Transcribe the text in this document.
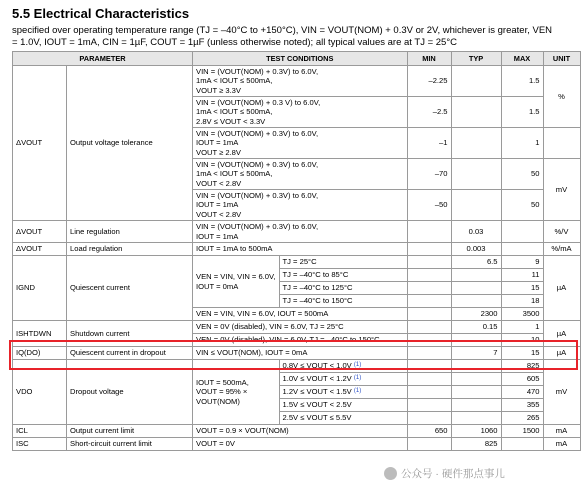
5.5 Electrical Characteristics
specified over operating temperature range (TJ = –40°C to +150°C), VIN = VOUT(NOM) + 0.3V or 2V, whichever is greater, VEN
= 1.0V, IOUT = 1mA, CIN = 1µF, COUT = 1µF (unless otherwise noted); all typical values are at TJ = 25°C
PARAMETER		TEST CONDITIONS		MIN	TYP	MAX	UNIT
ΔVOUT	Output voltage tolerance	VIN = (VOUT(NOM) + 0.3V) to 6.0V,
1mA < IOUT ≤ 500mA,
VOUT ≥ 3.3V		–2.25		1.5	%

		VIN = (VOUT(NOM) + 0.3 V) to 6.0V,
1mA < IOUT ≤ 500mA,
2.8V ≤ VOUT < 3.3V		–2.5		1.5	

		VIN = (VOUT(NOM) + 0.3V) to 6.0V,
IOUT = 1mA
VOUT ≥ 2.8V		–1		1	

		VIN = (VOUT(NOM) + 0.3V) to 6.0V,
1mA < IOUT ≤ 500mA,
VOUT < 2.8V		–70		50	mV

		VIN = (VOUT(NOM) + 0.3V) to 6.0V,
IOUT = 1mA
VOUT < 2.8V		–50		50	
ΔVOUT	Line regulation	VIN = (VOUT(NOM) + 0.3V) to 6.0V,
IOUT = 1mA			0.03		%/V
ΔVOUT	Load regulation	IOUT = 1mA to 500mA			0.003		%/mA
IGND	Quiescent current	VEN = VIN, VIN = 6.0V,
IOUT = 0mA	TJ = 25°C		6.5	9	µA
			TJ = –40°C to 85°C			11	
			TJ = –40°C to 125°C			15	
			TJ = –40°C to 150°C			18	
		VEN = VIN, VIN = 6.0V, IOUT = 500mA			2300	3500	
ISHTDWN	Shutdown current	VEN = 0V (disabled), VIN = 6.0V, TJ = 25°C			0.15	1	µA
		VEN = 0V (disabled), VIN = 6.0V, TJ = –40°C to 150°C				10	
IQ(DO)	Quiescent current in dropout	VIN ≤ VOUT(NOM), IOUT = 0mA			7	15	µA
VDO	Dropout voltage	IOUT = 500mA,
VOUT = 95% ×
VOUT(NOM)	0.8V ≤ VOUT < 1.0V $^{(1)}$			825	mV
			1.0V ≤ VOUT < 1.2V $^{(1)}$			605	
			1.2V ≤ VOUT < 1.5V $^{(1)}$			470	
			1.5V ≤ VOUT < 2.5V			355	
			2.5V ≤ VOUT ≤ 5.5V			265	
ICL	Output current limit	VOUT = 0.9 × VOUT(NOM)		650	1060	1500	mA
ISC	Short-circuit current limit	VOUT = 0V			825		mA
公众号 · 硬件那点事儿
